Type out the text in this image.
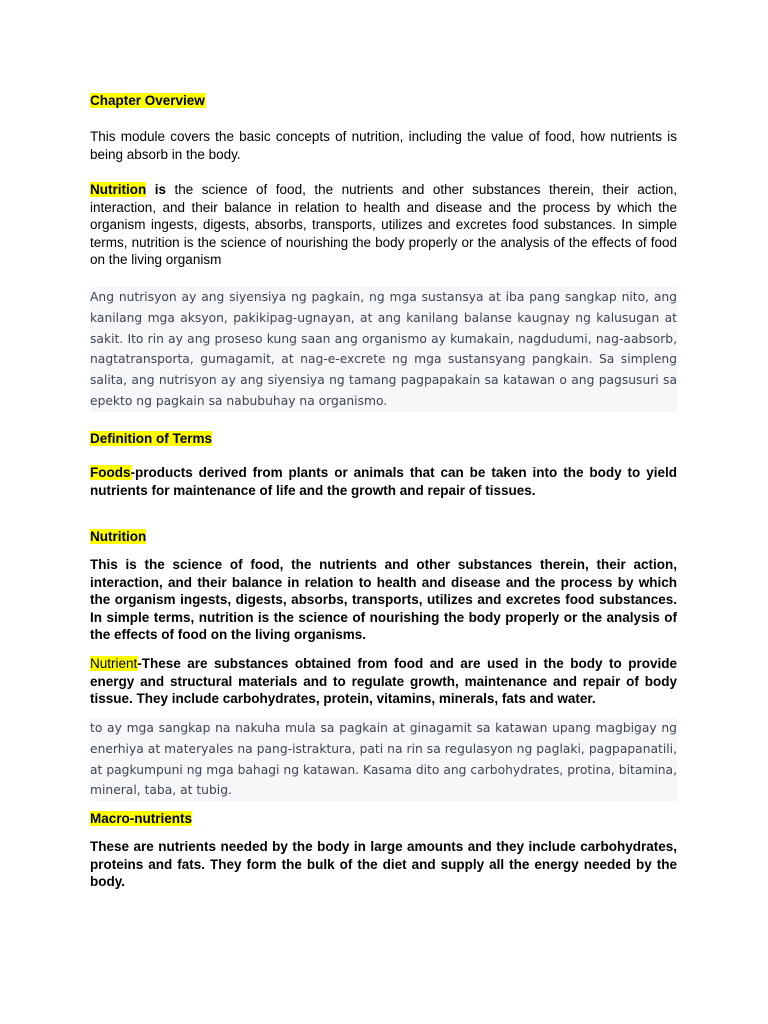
Chapter Overview
This module covers the basic concepts of nutrition, including the value of food, how nutrients is being absorb in the body.
Nutrition is the science of food, the nutrients and other substances therein, their action, interaction, and their balance in relation to health and disease and the process by which the organism ingests, digests, absorbs, transports, utilizes and excretes food substances. In simple terms, nutrition is the science of nourishing the body properly or the analysis of the effects of food on the living organism
Ang nutrisyon ay ang siyensiya ng pagkain, ng mga sustansya at iba pang sangkap nito, ang kanilang mga aksyon, pakikipag-ugnayan, at ang kanilang balanse kaugnay ng kalusugan at sakit. Ito rin ay ang proseso kung saan ang organismo ay kumakain, nagdudumi, nag-aabsorb, nagtatransporta, gumagamit, at nag-e-excrete ng mga sustansyang pangkain. Sa simpleng salita, ang nutrisyon ay ang siyensiya ng tamang pagpapakain sa katawan o ang pagsusuri sa epekto ng pagkain sa nabubuhay na organismo.
Definition of Terms
Foods-products derived from plants or animals that can be taken into the body to yield nutrients for maintenance of life and the growth and repair of tissues.
Nutrition
This is the science of food, the nutrients and other substances therein, their action, interaction, and their balance in relation to health and disease and the process by which the organism ingests, digests, absorbs, transports, utilizes and excretes food substances. In simple terms, nutrition is the science of nourishing the body properly or the analysis of the effects of food on the living organisms.
Nutrient-These are substances obtained from food and are used in the body to provide energy and structural materials and to regulate growth, maintenance and repair of body tissue. They include carbohydrates, protein, vitamins, minerals, fats and water.
to ay mga sangkap na nakuha mula sa pagkain at ginagamit sa katawan upang magbigay ng enerhiya at materyales na pang-istraktura, pati na rin sa regulasyon ng paglaki, pagpapanatili, at pagkumpuni ng mga bahagi ng katawan. Kasama dito ang carbohydrates, protina, bitamina, mineral, taba, at tubig.
Macro-nutrients
These are nutrients needed by the body in large amounts and they include carbohydrates, proteins and fats. They form the bulk of the diet and supply all the energy needed by the body.
